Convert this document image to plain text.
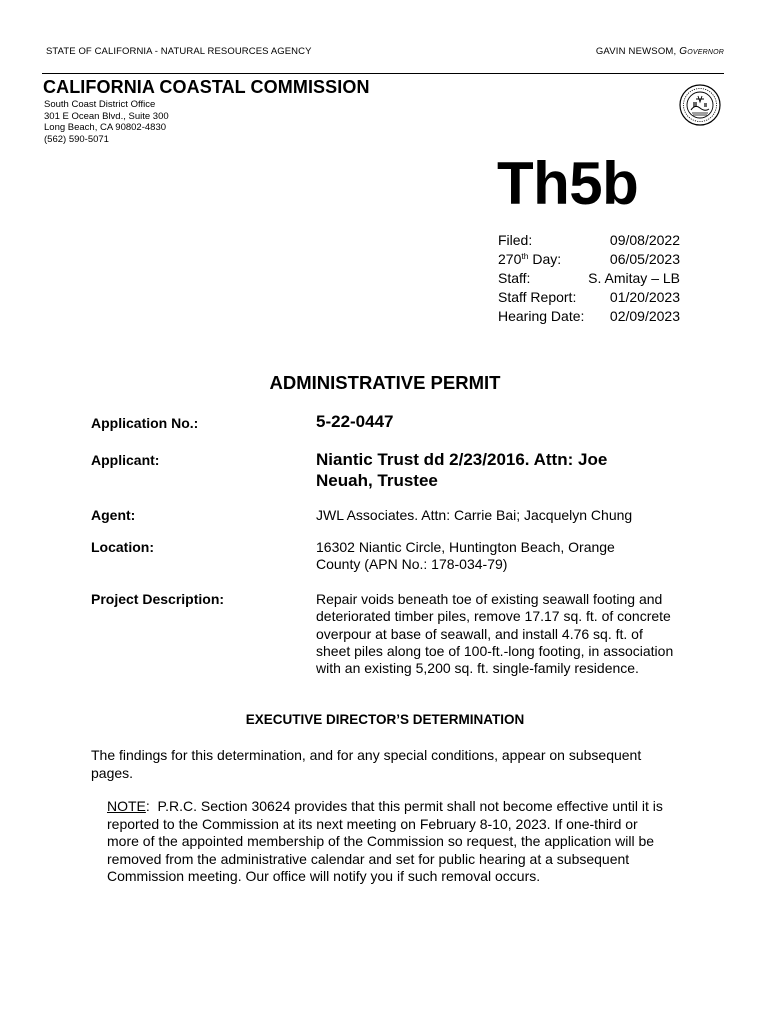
STATE OF CALIFORNIA - NATURAL RESOURCES AGENCY	GAVIN NEWSOM, Governor
CALIFORNIA COASTAL COMMISSION
South Coast District Office
301 E Ocean Blvd., Suite 300
Long Beach, CA 90802-4830
(562) 590-5071
Th5b
Filed:	09/08/2022
270th Day:	06/05/2023
Staff:	S. Amitay – LB
Staff Report: 01/20/2023
Hearing Date: 02/09/2023
ADMINISTRATIVE PERMIT
Application No.:	5-22-0447
Applicant:	Niantic Trust dd 2/23/2016. Attn: Joe Neuah, Trustee
Agent:	JWL Associates. Attn: Carrie Bai; Jacquelyn Chung
Location:	16302 Niantic Circle, Huntington Beach, Orange County (APN No.: 178-034-79)
Project Description:	Repair voids beneath toe of existing seawall footing and deteriorated timber piles, remove 17.17 sq. ft. of concrete overpour at base of seawall, and install 4.76 sq. ft. of sheet piles along toe of 100-ft.-long footing, in association with an existing 5,200 sq. ft. single-family residence.
EXECUTIVE DIRECTOR’S DETERMINATION
The findings for this determination, and for any special conditions, appear on subsequent pages.
NOTE:  P.R.C. Section 30624 provides that this permit shall not become effective until it is reported to the Commission at its next meeting on February 8-10, 2023. If one-third or more of the appointed membership of the Commission so request, the application will be removed from the administrative calendar and set for public hearing at a subsequent Commission meeting. Our office will notify you if such removal occurs.
